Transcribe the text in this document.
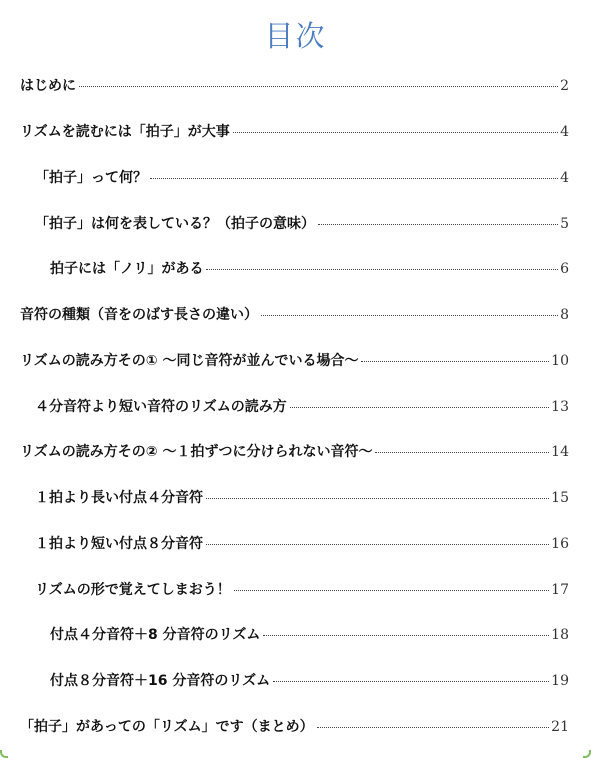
目次
はじめに	2
リズムを読むには「拍子」が大事	4
「拍子」って何？	4
「拍子」は何を表している？（拍子の意味）	5
拍子には「ノリ」がある	6
音符の種類（音をのばす長さの違い）	8
リズムの読み方その① ～同じ音符が並んでいる場合～	10
４分音符より短い音符のリズムの読み方	13
リズムの読み方その② ～１拍ずつに分けられない音符～	14
１拍より長い付点４分音符	15
１拍より短い付点８分音符	16
リズムの形で覚えてしまおう！	17
付点４分音符＋8 分音符のリズム	18
付点８分音符＋16 分音符のリズム	19
「拍子」があっての「リズム」です（まとめ）	21
